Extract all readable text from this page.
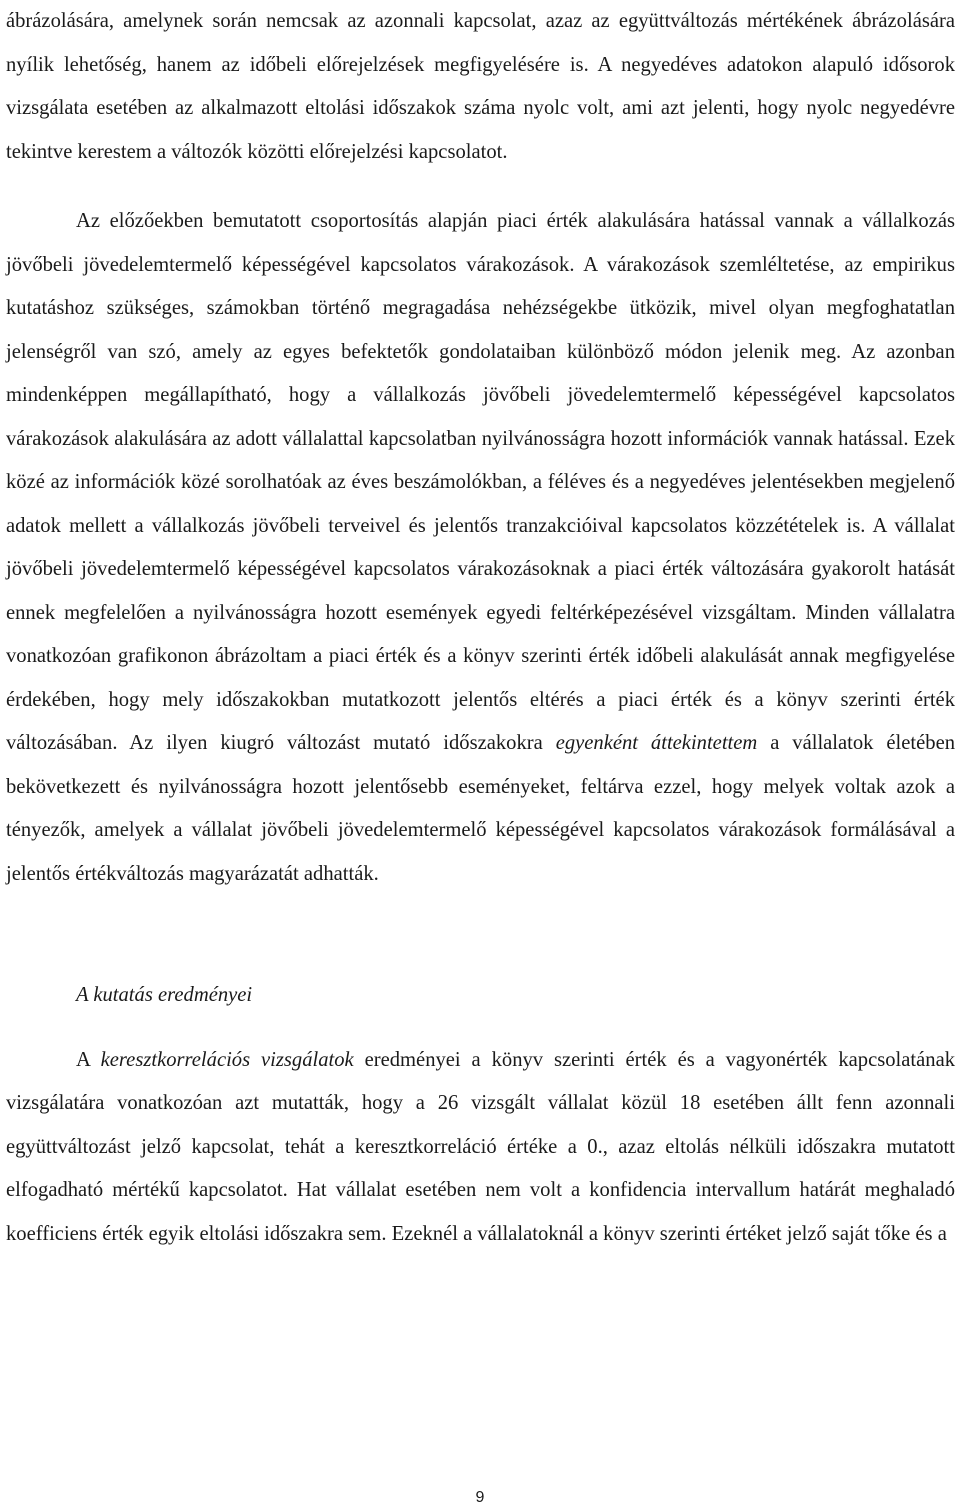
ábrázolására, amelynek során nemcsak az azonnali kapcsolat, azaz az együttváltozás mértékének ábrázolására nyílik lehetőség, hanem az időbeli előrejelzések megfigyelésére is. A negyedéves adatokon alapuló idősorok vizsgálata esetében az alkalmazott eltolási időszakok száma nyolc volt, ami azt jelenti, hogy nyolc negyedévre tekintve kerestem a változók közötti előrejelzési kapcsolatot.

Az előzőekben bemutatott csoportosítás alapján piaci érték alakulására hatással vannak a vállalkozás jövőbeli jövedelemtermelő képességével kapcsolatos várakozások. A várakozások szemléltetése, az empirikus kutatáshoz szükséges, számokban történő megragadása nehézségekbe ütközik, mivel olyan megfoghatatlan jelenségről van szó, amely az egyes befektetők gondolataiban különböző módon jelenik meg. Az azonban mindenképpen megállapítható, hogy a vállalkozás jövőbeli jövedelemtermelő képességével kapcsolatos várakozások alakulására az adott vállalattal kapcsolatban nyilvánosságra hozott információk vannak hatással. Ezek közé az információk közé sorolhatóak az éves beszámolókban, a féléves és a negyedéves jelentésekben megjelenő adatok mellett a vállalkozás jövőbeli terveivel és jelentős tranzakcióival kapcsolatos közzétételek is. A vállalat jövőbeli jövedelemtermelő képességével kapcsolatos várakozásoknak a piaci érték változására gyakorolt hatását ennek megfelelően a nyilvánosságra hozott események egyedi feltérképezésével vizsgáltam. Minden vállalatra vonatkozóan grafikonon ábrázoltam a piaci érték és a könyv szerinti érték időbeli alakulását annak megfigyelése érdekében, hogy mely időszakokban mutatkozott jelentős eltérés a piaci érték és a könyv szerinti érték változásában. Az ilyen kiugró változást mutató időszakokra egyenként áttekintettem a vállalatok életében bekövetkezett és nyilvánosságra hozott jelentősebb eseményeket, feltárva ezzel, hogy melyek voltak azok a tényezők, amelyek a vállalat jövőbeli jövedelemtermelő képességével kapcsolatos várakozások formálásával a jelentős értékváltozás magyarázatát adhatták.

A kutatás eredményei

A keresztkorrelációs vizsgálatok eredményei a könyv szerinti érték és a vagyonérték kapcsolatának vizsgálatára vonatkozóan azt mutatták, hogy a 26 vizsgált vállalat közül 18 esetében állt fenn azonnali együttváltozást jelző kapcsolat, tehát a keresztkorreláció értéke a 0., azaz eltolás nélküli időszakra mutatott elfogadható mértékű kapcsolatot. Hat vállalat esetében nem volt a konfidencia intervallum határát meghaladó koefficiens érték egyik eltolási időszakra sem. Ezeknél a vállalatoknál a könyv szerinti értéket jelző saját tőke és a

9
